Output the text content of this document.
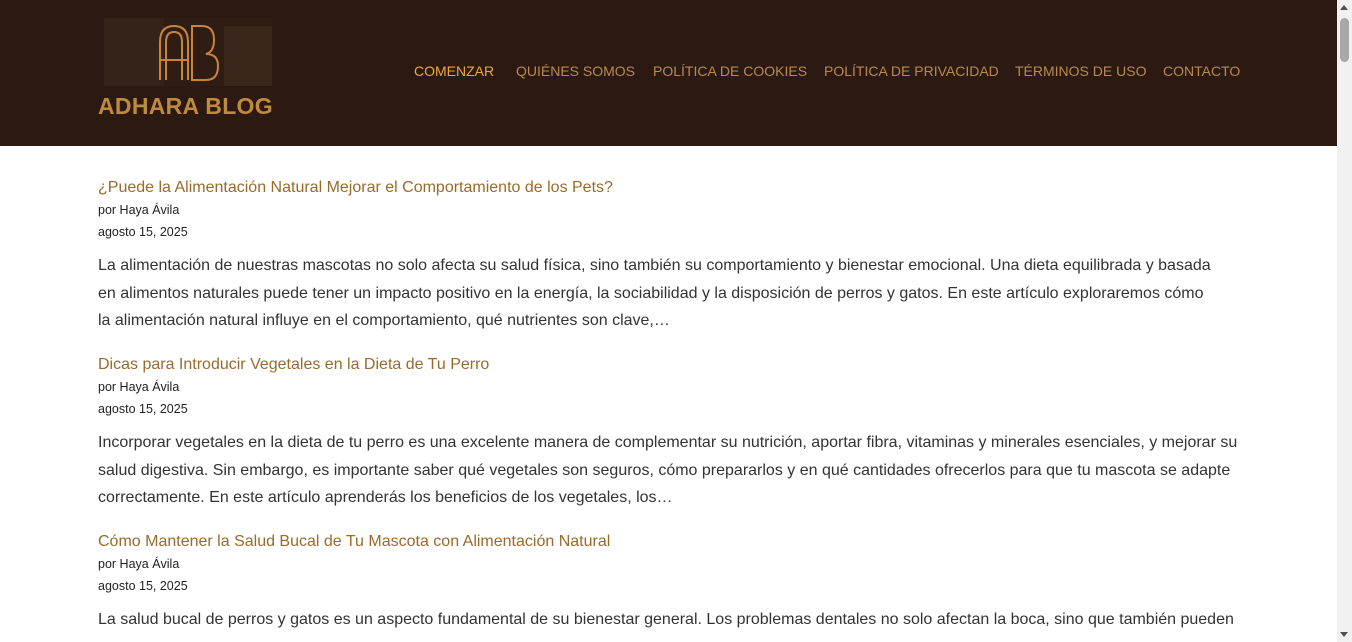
ADHARA BLOG
COMENZAR QUIÉNES SOMOS POLÍTICA DE COOKIES POLÍTICA DE PRIVACIDAD TÉRMINOS DE USO CONTACTO
¿Puede la Alimentación Natural Mejorar el Comportamiento de los Pets?
por Haya Ávila
agosto 15, 2025

La alimentación de nuestras mascotas no solo afecta su salud física, sino también su comportamiento y bienestar emocional. Una dieta equilibrada y basada
en alimentos naturales puede tener un impacto positivo en la energía, la sociabilidad y la disposición de perros y gatos. En este artículo exploraremos cómo
la alimentación natural influye en el comportamiento, qué nutrientes son clave,…

Dicas para Introducir Vegetales en la Dieta de Tu Perro
por Haya Ávila
agosto 15, 2025

Incorporar vegetales en la dieta de tu perro es una excelente manera de complementar su nutrición, aportar fibra, vitaminas y minerales esenciales, y mejorar su
salud digestiva. Sin embargo, es importante saber qué vegetales son seguros, cómo prepararlos y en qué cantidades ofrecerlos para que tu mascota se adapte
correctamente. En este artículo aprenderás los beneficios de los vegetales, los…

Cómo Mantener la Salud Bucal de Tu Mascota con Alimentación Natural
por Haya Ávila
agosto 15, 2025

La salud bucal de perros y gatos es un aspecto fundamental de su bienestar general. Los problemas dentales no solo afectan la boca, sino que también pueden
